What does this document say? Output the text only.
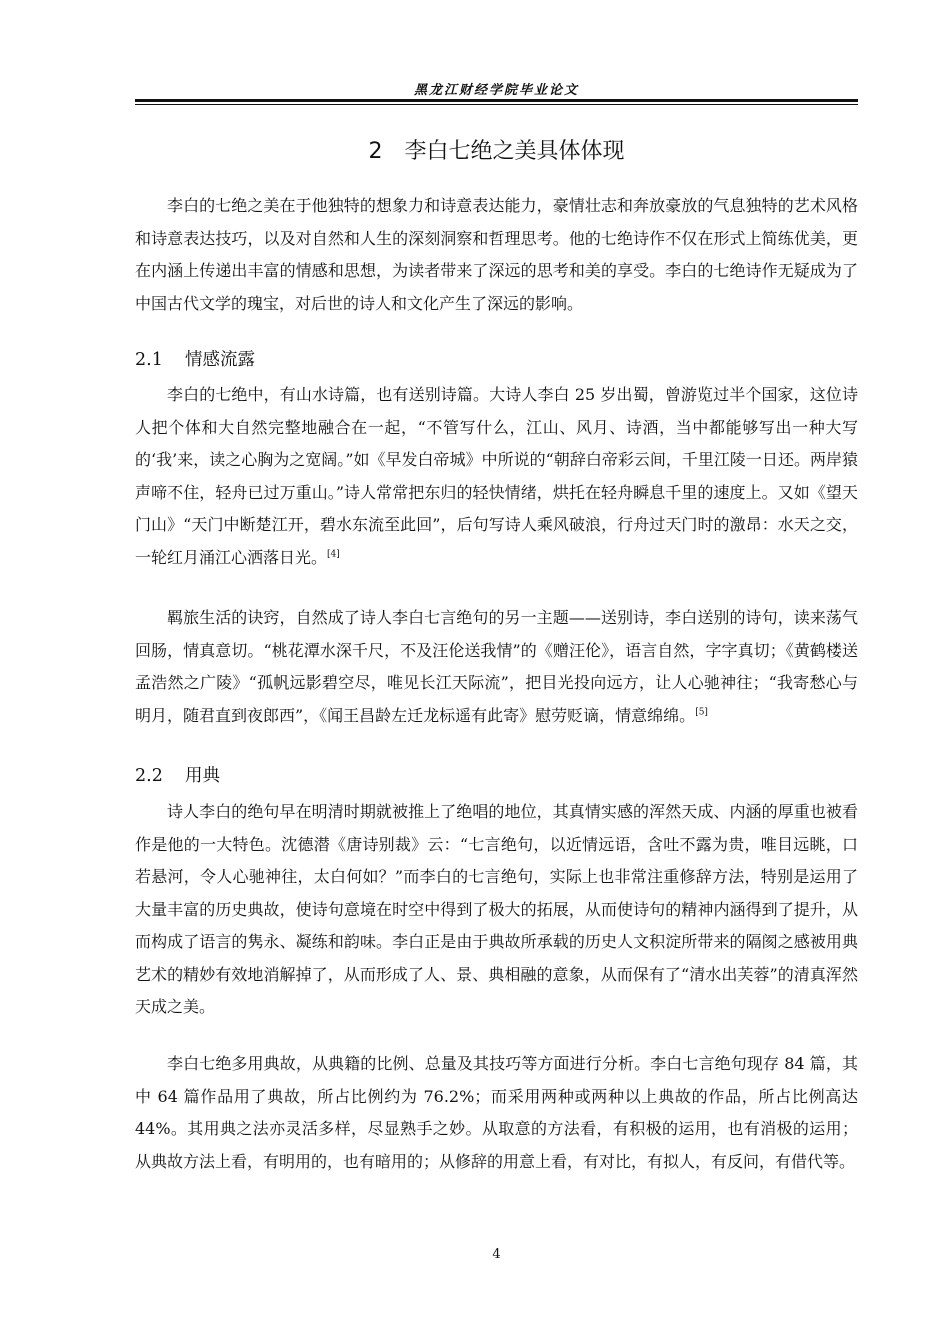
黑龙江财经学院毕业论文
2 李白七绝之美具体体现

李白的七绝之美在于他独特的想象力和诗意表达能力，豪情壮志和奔放豪放的气息独特的艺术风格和诗意表达技巧，以及对自然和人生的深刻洞察和哲理思考。他的七绝诗作不仅在形式上简练优美，更在内涵上传递出丰富的情感和思想，为读者带来了深远的思考和美的享受。李白的七绝诗作无疑成为了中国古代文学的瑰宝，对后世的诗人和文化产生了深远的影响。

2.1 情感流露

李白的七绝中，有山水诗篇，也有送别诗篇。大诗人李白 25 岁出蜀，曾游览过半个国家，这位诗人把个体和大自然完整地融合在一起，“不管写什么，江山、风月、诗酒，当中都能够写出一种大写的‘我’来，读之心胸为之宽阔。”如《早发白帝城》中所说的“朝辞白帝彩云间，千里江陵一日还。两岸猿声啼不住，轻舟已过万重山。”诗人常常把东归的轻快情绪，烘托在轻舟瞬息千里的速度上。又如《望天门山》“天门中断楚江开，碧水东流至此回”，后句写诗人乘风破浪，行舟过天门时的激昂：水天之交，一轮红月涌江心洒落日光。[4]

羁旅生活的诀窍，自然成了诗人李白七言绝句的另一主题——送别诗，李白送别的诗句，读来荡气回肠，情真意切。“桃花潭水深千尺，不及汪伦送我情”的《赠汪伦》，语言自然，字字真切；《黄鹤楼送孟浩然之广陵》“孤帆远影碧空尽，唯见长江天际流”，把目光投向远方，让人心驰神往；“我寄愁心与明月，随君直到夜郎西”，《闻王昌龄左迁龙标遥有此寄》慰劳贬谪，情意绵绵。[5]

2.2 用典

诗人李白的绝句早在明清时期就被推上了绝唱的地位，其真情实感的浑然天成、内涵的厚重也被看作是他的一大特色。沈德潜《唐诗别裁》云：“七言绝句，以近情远语，含吐不露为贵，唯目远眺，口若悬河，令人心驰神往，太白何如？”而李白的七言绝句，实际上也非常注重修辞方法，特别是运用了大量丰富的历史典故，使诗句意境在时空中得到了极大的拓展，从而使诗句的精神内涵得到了提升，从而构成了语言的隽永、凝练和韵味。李白正是由于典故所承载的历史人文积淀所带来的隔阂之感被用典艺术的精妙有效地消解掉了，从而形成了人、景、典相融的意象，从而保有了“清水出芙蓉”的清真浑然天成之美。

李白七绝多用典故，从典籍的比例、总量及其技巧等方面进行分析。李白七言绝句现存 84 篇，其中 64 篇作品用了典故，所占比例约为 76.2%；而采用两种或两种以上典故的作品，所占比例高达 44%。其用典之法亦灵活多样，尽显熟手之妙。从取意的方法看，有积极的运用，也有消极的运用；从典故方法上看，有明用的，也有暗用的；从修辞的用意上看，有对比，有拟人，有反问，有借代等。

4
